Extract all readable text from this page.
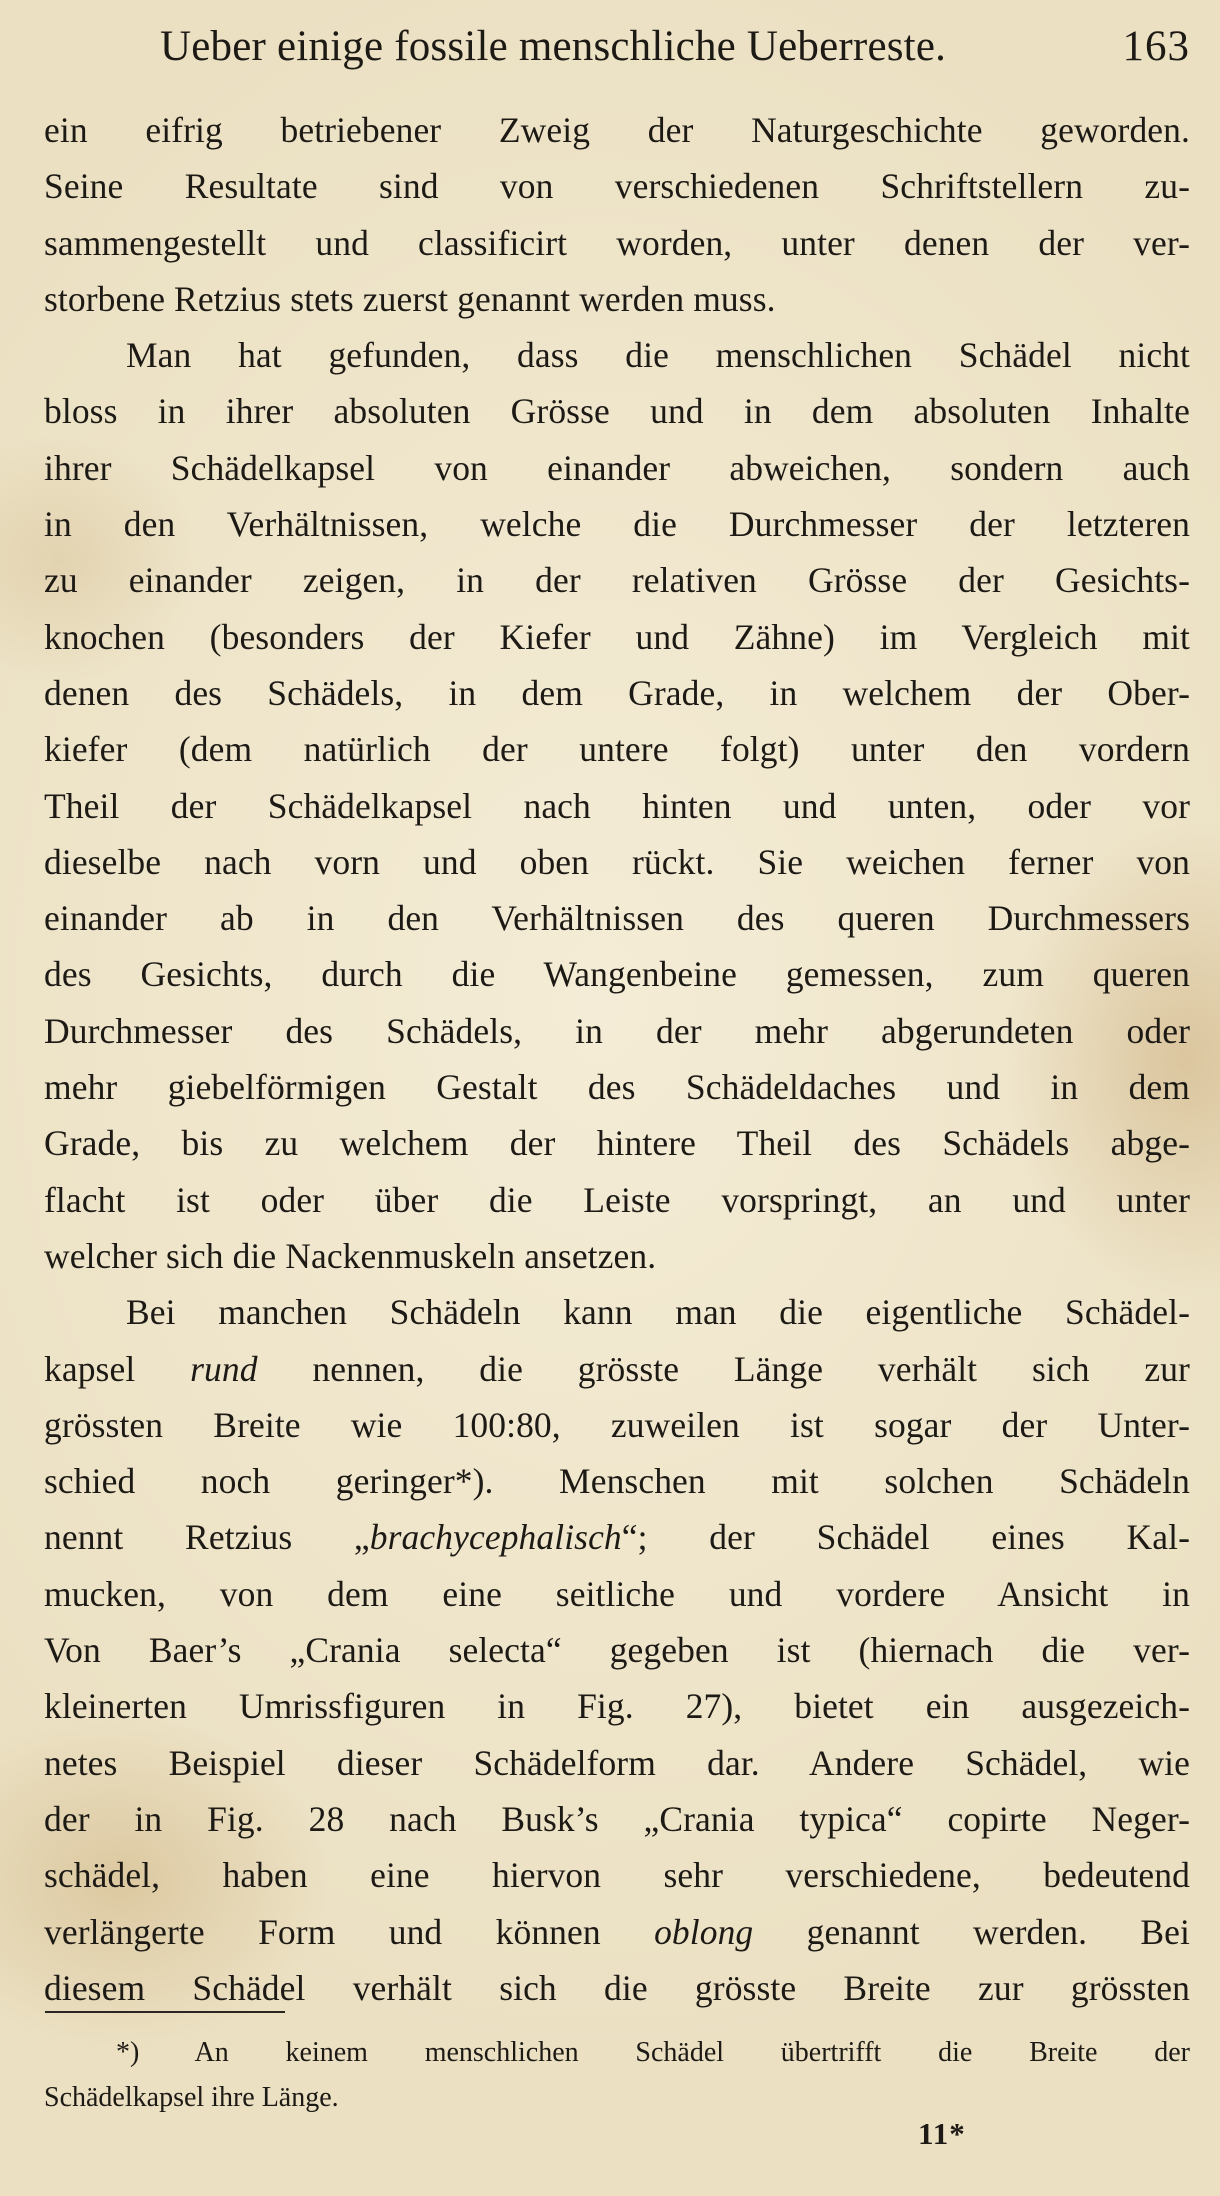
Ueber einige fossile menschliche Ueberreste.	163
ein eifrig betriebener Zweig der Naturgeschichte geworden.
Seine Resultate sind von verschiedenen Schriftstellern zu-
sammengestellt und classificirt worden, unter denen der ver-
storbene Retzius stets zuerst genannt werden muss.
Man hat gefunden, dass die menschlichen Schädel nicht
bloss in ihrer absoluten Grösse und in dem absoluten Inhalte
ihrer Schädelkapsel von einander abweichen, sondern auch
in den Verhältnissen, welche die Durchmesser der letzteren
zu einander zeigen, in der relativen Grösse der Gesichts-
knochen (besonders der Kiefer und Zähne) im Vergleich mit
denen des Schädels, in dem Grade, in welchem der Ober-
kiefer (dem natürlich der untere folgt) unter den vordern
Theil der Schädelkapsel nach hinten und unten, oder vor
dieselbe nach vorn und oben rückt. Sie weichen ferner von
einander ab in den Verhältnissen des queren Durchmessers
des Gesichts, durch die Wangenbeine gemessen, zum queren
Durchmesser des Schädels, in der mehr abgerundeten oder
mehr giebelförmigen Gestalt des Schädeldaches und in dem
Grade, bis zu welchem der hintere Theil des Schädels abge-
flacht ist oder über die Leiste vorspringt, an und unter
welcher sich die Nackenmuskeln ansetzen.
Bei manchen Schädeln kann man die eigentliche Schädel-
kapsel rund nennen, die grösste Länge verhält sich zur
grössten Breite wie 100:80, zuweilen ist sogar der Unter-
schied noch geringer*). Menschen mit solchen Schädeln
nennt Retzius „brachycephalisch“; der Schädel eines Kal-
mucken, von dem eine seitliche und vordere Ansicht in
Von Baer’s „Crania selecta“ gegeben ist (hiernach die ver-
kleinerten Umrissfiguren in Fig. 27), bietet ein ausgezeich-
netes Beispiel dieser Schädelform dar. Andere Schädel, wie
der in Fig. 28 nach Busk’s „Crania typica“ copirte Neger-
schädel, haben eine hiervon sehr verschiedene, bedeutend
verlängerte Form und können oblong genannt werden. Bei
diesem Schädel verhält sich die grösste Breite zur grössten
*) An keinem menschlichen Schädel übertrifft die Breite der
Schädelkapsel ihre Länge.
11*
